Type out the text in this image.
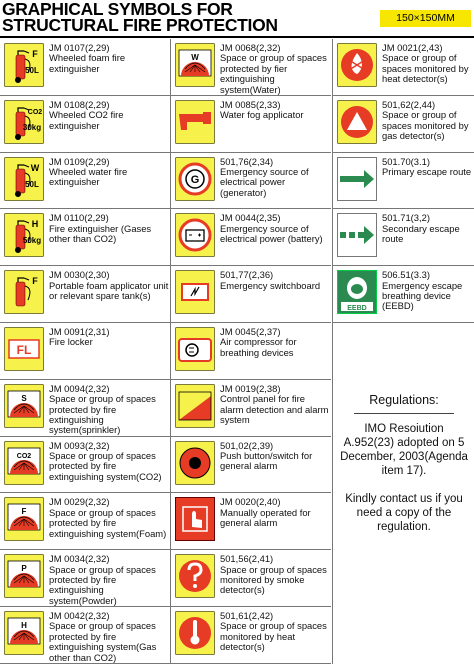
GRAPHICAL SYMBOLS FOR
STRUCTURAL FIRE PROTECTION	150×150MM
F
50L
JM 0107(2,29)
Wheeled foam fire extinguisher
CO2
30kg
JM 0108(2,29)
Wheeled CO2 fire extinguisher
W
50L
JM 0109(2,29)
Wheeled water fire extinguisher
H
50kg
JM 0110(2,29)
Fire extinguisher (Gases other than CO2)
F
JM 0030(2,30)
Portable foam applicator unit or relevant spare tank(s)
FL
JM 0091(2,31)
Fire locker
S
JM 0094(2,32)
Space or group of spaces protected by fire extinguishing system(sprinkler)
CO2
JM 0093(2,32)
Space or group of spaces protected by fire extinguishing system(CO2)
F
JM 0029(2,32)
Space or group of spaces protected by fire extinguishing system(Foam)
P
JM 0034(2,32)
Space or group of spaces protected by fire extinguishing system(Powder)
H
JM 0042(2,32)
Space or group of spaces protected by fire extinguishing system(Gas other than CO2)
W
JM 0068(2,32)
Space or group of spaces protected by fier extinguishing system(Water)
JM 0085(2,33)
Water fog applicator
G
501,76(2,34)
Emergency source of electrical power (generator)
JM 0044(2,35)
Emergency source of electrical power (battery)
501,77(2,36)
Emergency switchboard
JM 0045(2,37)
Air compressor for breathing devices
JM 0019(2,38)
Control panel for fire alarm detection and alarm system
501,02(2,39)
Push button/switch for general alarm
JM 0020(2,40)
Manually operated for general alarm
501,56(2,41)
Space or group of spaces monitored by smoke detector(s)
501,61(2,42)
Space or group of spaces monitored by heat detector(s)
JM 0021(2,43)
Space or group of spaces monitored by heat detector(s)
501,62(2,44)
Space or group of spaces monitored by gas detector(s)
501.70(3.1)
Primary escape route
501.71(3,2)
Secondary escape route
EEBD
506.51(3.3)
Emergency escape breathing device (EEBD)
Regulations:
IMO Resoiution A.952(23) adopted on 5 December, 2003(Agenda item 17).
Kindly contact us if you need a copy of the regulation.
